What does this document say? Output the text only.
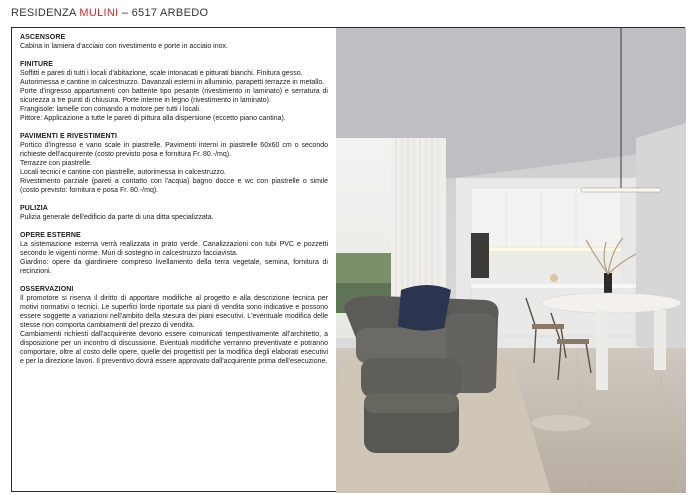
RESIDENZA MULINI – 6517 ARBEDO
ASCENSORE

Cabina in lamiera d'acciaio con rivestimento e porte in acciaio inox.

FINITURE

Soffitti e pareti di tutti i locali d'abitazione, scale intonacati e pitturati bianchi. Finitura gesso.

Autorimessa e cantine in calcestruzzo. Davanzali esterni in alluminio, parapetti terrazze in metallo.

Porte d'ingresso appartamenti con battente tipo pesante (rivestimento in laminato) e serratura di sicurezza a tre punti di chiusura. Porte interne in legno (rivestimento in laminato).

Frangisole: lamelle con comando a motore per tutti i locali.

Pittore: Applicazione a tutte le pareti di pittura alla dispersione (eccetto piano cantina).

PAVIMENTI E RIVESTIMENTI

Portico d'ingresso e vano scale in piastrelle. Pavimenti interni in piastrelle 60x60 cm o secondo richieste dell'acquirente (costo previsto posa e fornitura Fr. 80.-/mq).

Terrazze con piastrelle.

Locali tecnici e cantine con piastrelle, autorimessa in calcestruzzo.

Rivestimento parziale (pareti a contatto con l'acqua) bagno docce e wc con piastrelle o simile (costo previsto: fornitura e posa Fr. 80.-/mq).

PULIZIA

Pulizia generale dell'edificio da parte di una ditta specializzata.

OPERE ESTERNE

La sistemazione esterna verrà realizzata in prato verde. Canalizzazioni con tubi PVC e pozzetti secondo le vigenti norme. Muri di sostegno in calcestruzzo facciavista.

Giardino: opere da giardiniere compreso livellamento della terra vegetale, semina, fornitura di recinzioni.

OSSERVAZIONI

Il promotore si riserva il diritto di apportare modifiche al progetto e alla descrizione tecnica per motivi normativi o tecnici. Le superfici lorde riportate sui piani di vendita sono indicative e possono essere soggette a variazioni nell'ambito della stesura dei piani esecutivi. L'eventuale modifica delle stesse non comporta cambiamenti del prezzo di vendita.

Cambiamenti richiesti dall'acquirente devono essere comunicati tempestivamente all'architetto, a disposizione per un incontro di discussione. Eventuali modifiche verranno preventivate e potranno comportare, oltre al costo delle opere, quelle dei progettisti per la modifica degli elaborati esecutivi e per la direzione lavori. Il preventivo dovrà essere approvato dall'acquirente prima dell'esecuzione.
